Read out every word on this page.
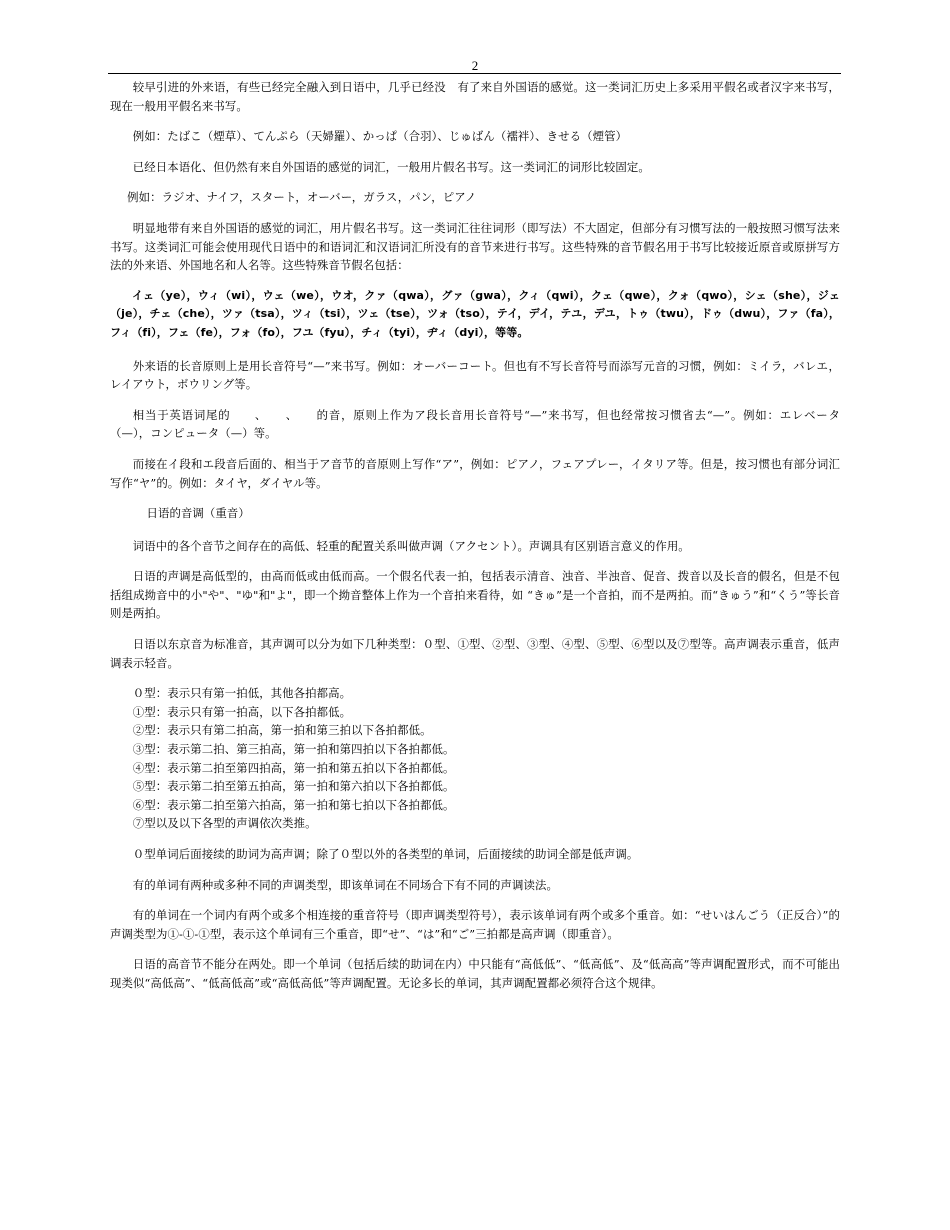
2

较早引进的外来语，有些已经完全融入到日语中，几乎已经没　有了来自外国语的感觉。这一类词汇历史上多采用平假名或者汉字来书写，现在一般用平假名来书写。

例如：たばこ（煙草）、てんぷら（天婦羅）、かっぱ（合羽）、じゅばん（襦袢）、きせる（煙管）

已经日本语化、但仍然有来自外国语的感觉的词汇，一般用片假名书写。这一类词汇的词形比较固定。

例如：ラジオ、ナイフ，スタート，オーバー，ガラス，パン，ピアノ

明显地带有来自外国语的感觉的词汇，用片假名书写。这一类词汇往往词形（即写法）不大固定，但部分有习惯写法的一般按照习惯写法来书写。这类词汇可能会使用现代日语中的和语词汇和汉语词汇所没有的音节来进行书写。这些特殊的音节假名用于书写比较接近原音或原拼写方法的外来语、外国地名和人名等。这些特殊音节假名包括：

イェ（ye），ウィ（wi），ウェ（we），ウオ，クァ（qwa），グァ（gwa），クィ（qwi），クェ（qwe），クォ（qwo），シェ（she），ジェ（je），チェ（che），ツァ（tsa），ツィ（tsi），ツェ（tse），ツォ（tso），テイ，デイ，テユ，デユ，トゥ（twu），ドゥ（dwu），ファ（fa），フィ（fi），フェ（fe），フォ（fo），フユ（fyu），チィ（tyi），ヂィ（dyi），等等。

外来语的长音原则上是用长音符号“—”来书写。例如：オーバーコート。但也有不写长音符号而添写元音的习惯，例如：ミイラ，バレエ，レイアウト，ボウリング等。

相当于英语词尾的　　、　　、　　的音，原则上作为ア段长音用长音符号“—”来书写，但也经常按习惯省去“—”。例如：エレベータ（—），コンピュータ（—）等。

而接在イ段和エ段音后面的、相当于ア音节的音原则上写作“ア”，例如：ピアノ，フェアプレー，イタリア等。但是，按习惯也有部分词汇写作“ヤ”的。例如：タイヤ，ダイヤル等。

日语的音调（重音）

词语中的各个音节之间存在的高低、轻重的配置关系叫做声调（アクセント）。声调具有区别语言意义的作用。

日语的声调是高低型的，由高而低或由低而高。一个假名代表一拍，包括表示清音、浊音、半浊音、促音、拨音以及长音的假名，但是不包括组成拗音中的小"や"、"ゆ"和"よ"，即一个拗音整体上作为一个音拍来看待，如 “きゅ”是一个音拍，而不是两拍。而“きゅう”和“くう”等长音则是两拍。

日语以东京音为标准音，其声调可以分为如下几种类型：０型、①型、②型、③型、④型、⑤型、⑥型以及⑦型等。高声调表示重音，低声调表示轻音。

０型：表示只有第一拍低，其他各拍都高。
①型：表示只有第一拍高，以下各拍都低。
②型：表示只有第二拍高，第一拍和第三拍以下各拍都低。
③型：表示第二拍、第三拍高，第一拍和第四拍以下各拍都低。
④型：表示第二拍至第四拍高，第一拍和第五拍以下各拍都低。
⑤型：表示第二拍至第五拍高，第一拍和第六拍以下各拍都低。
⑥型：表示第二拍至第六拍高，第一拍和第七拍以下各拍都低。
⑦型以及以下各型的声调依次类推。

０型单词后面接续的助词为高声调；除了０型以外的各类型的单词，后面接续的助词全部是低声调。

有的单词有两种或多种不同的声调类型，即该单词在不同场合下有不同的声调读法。

有的单词在一个词内有两个或多个相连接的重音符号（即声调类型符号），表示该单词有两个或多个重音。如：“せいはんごう（正反合）”的声调类型为①-①-①型，表示这个单词有三个重音，即“せ”、“は”和“ご”三拍都是高声调（即重音）。

日语的高音节不能分在两处。即一个单词（包括后续的助词在内）中只能有“高低低”、“低高低”、及“低高高”等声调配置形式，而不可能出现类似“高低高”、“低高低高”或“高低高低”等声调配置。无论多长的单词，其声调配置都必须符合这个规律。
